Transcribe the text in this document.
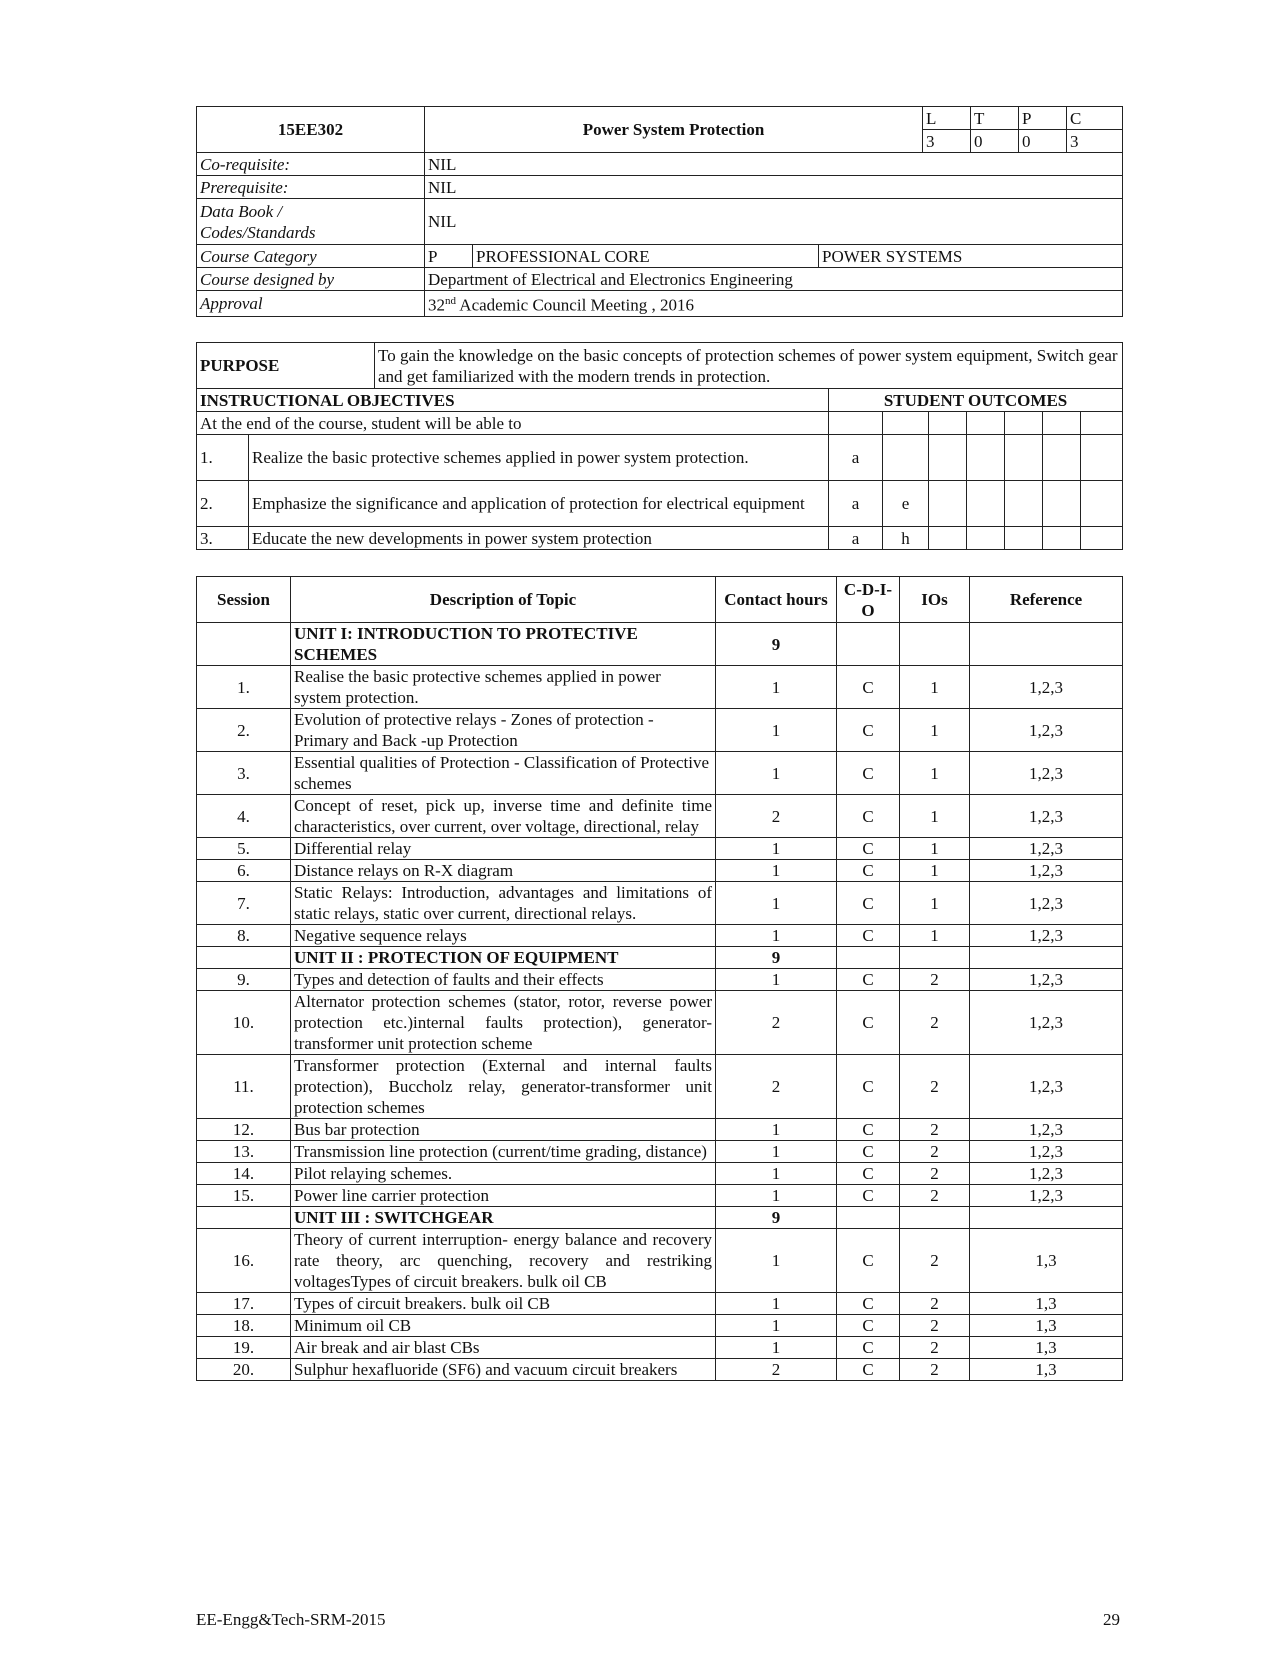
15EE302	Power System Protection			L	T	P	C
				3	0	0	3
Co-requisite:	NIL						
Prerequisite:	NIL						
Data Book /
Codes/Standards	NIL						
Course Category	P	PROFESSIONAL CORE	POWER SYSTEMS				
Course designed by	Department of Electrical and Electronics Engineering						
Approval	32nd Academic Council Meeting , 2016						
PURPOSE		To gain the knowledge on the basic concepts of protection schemes of power system equipment, Switch gear and get familiarized with the modern trends in protection.							
INSTRUCTIONAL OBJECTIVES			STUDENT OUTCOMES						
At the end of the course, student will be able to									
1.	Realize the basic protective schemes applied in power system protection.		a						
2.	Emphasize the significance and application of protection for electrical equipment		a	e					
3.	Educate the new developments in power system protection		a	h					
Session	Description of Topic	Contact hours	C-D-I-O	IOs	Reference
	UNIT I: INTRODUCTION TO PROTECTIVE SCHEMES	9			
1.	Realise the basic protective schemes applied in power system protection.	1	C	1	1,2,3
2.	Evolution of protective relays - Zones of protection - Primary and Back -up Protection	1	C	1	1,2,3
3.	Essential qualities of Protection - Classification of Protective schemes	1	C	1	1,2,3
4.	Concept of reset, pick up, inverse time and definite time characteristics, over current, over voltage, directional, relay	2	C	1	1,2,3
5.	Differential relay	1	C	1	1,2,3
6.	Distance relays on R-X diagram	1	C	1	1,2,3
7.	Static Relays: Introduction, advantages and limitations of static relays, static over current, directional relays.	1	C	1	1,2,3
8.	Negative sequence relays	1	C	1	1,2,3
	UNIT II : PROTECTION OF EQUIPMENT	9			
9.	Types and detection of faults and their effects	1	C	2	1,2,3
10.	Alternator protection schemes (stator, rotor, reverse power protection etc.)internal faults protection), generator-transformer unit protection scheme	2	C	2	1,2,3
11.	Transformer protection (External and internal faults protection), Buccholz relay, generator-transformer unit protection schemes	2	C	2	1,2,3
12.	Bus bar protection	1	C	2	1,2,3
13.	Transmission line protection (current/time grading, distance)	1	C	2	1,2,3
14.	Pilot relaying schemes.	1	C	2	1,2,3
15.	Power line carrier protection	1	C	2	1,2,3
	UNIT III : SWITCHGEAR	9			
16.	Theory of current interruption- energy balance and recovery rate theory, arc quenching, recovery and restriking voltagesTypes of circuit breakers. bulk oil CB	1	C	2	1,3
17.	Types of circuit breakers. bulk oil CB	1	C	2	1,3
18.	Minimum oil CB	1	C	2	1,3
19.	Air break and air blast CBs	1	C	2	1,3
20.	Sulphur hexafluoride (SF6) and vacuum circuit breakers	2	C	2	1,3
EE-Engg&Tech-SRM-2015	29
